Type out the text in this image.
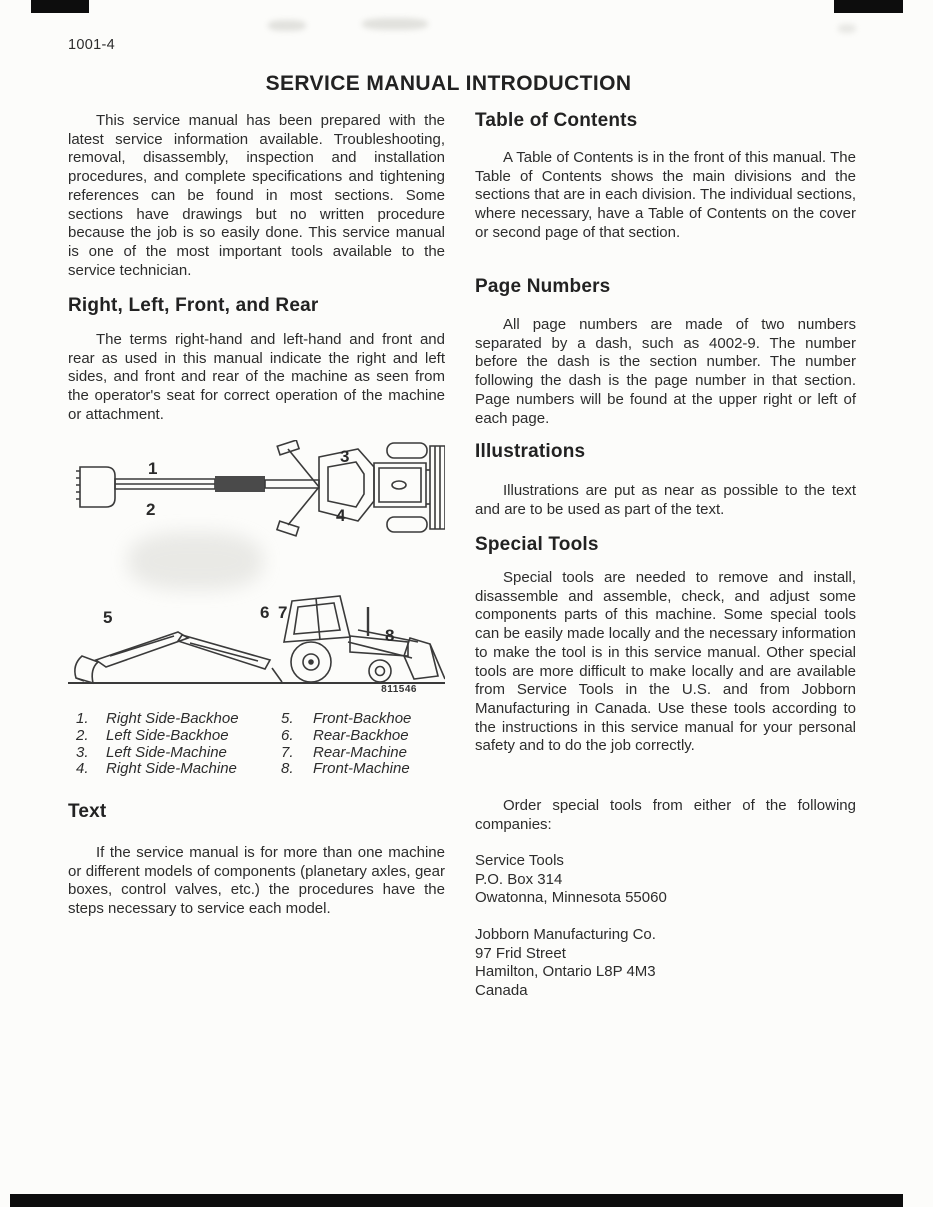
1001-4
SERVICE MANUAL INTRODUCTION

This service manual has been prepared with the latest service information available. Troubleshooting, removal, disassembly, inspection and installation procedures, and complete specifications and tightening references can be found in most sections. Some sections have drawings but no written procedure because the job is so easily done. This service manual is one of the most important tools available to the service technician.

Right, Left, Front, and Rear

The terms right-hand and left-hand and front and rear as used in this manual indicate the right and left sides, and front and rear of the machine as seen from the operator's seat for correct operation of the machine or attachment.

1
2
3
4
5	6 7
8
811546
1.	Right Side-Backhoe	5.	Front-Backhoe
2.	Left Side-Backhoe	6.	Rear-Backhoe
3.	Left Side-Machine	7.	Rear-Machine
4.	Right Side-Machine	8.	Front-Machine
Text

If the service manual is for more than one machine or different models of components (planetary axles, gear boxes, control valves, etc.) the procedures have the steps necessary to service each model.

Table of Contents

A Table of Contents is in the front of this manual. The Table of Contents shows the main divisions and the sections that are in each division. The individual sections, where necessary, have a Table of Contents on the cover or second page of that section.

Page Numbers

All page numbers are made of two numbers separated by a dash, such as 4002-9. The number before the dash is the section number. The number following the dash is the page number in that section. Page numbers will be found at the upper right or left of each page.

Illustrations

Illustrations are put as near as possible to the text and are to be used as part of the text.

Special Tools

Special tools are needed to remove and install, disassemble and assemble, check, and adjust some components parts of this machine. Some special tools can be easily made locally and the necessary information to make the tool is in this service manual. Other special tools are more difficult to make locally and are available from Service Tools in the U.S. and from Jobborn Manufacturing in Canada. Use these tools according to the instructions in this service manual for your personal safety and to do the job correctly.

Order special tools from either of the following companies:

Service Tools
P.O. Box 314
Owatonna, Minnesota 55060
Jobborn Manufacturing Co.
97 Frid Street
Hamilton, Ontario L8P 4M3
Canada
